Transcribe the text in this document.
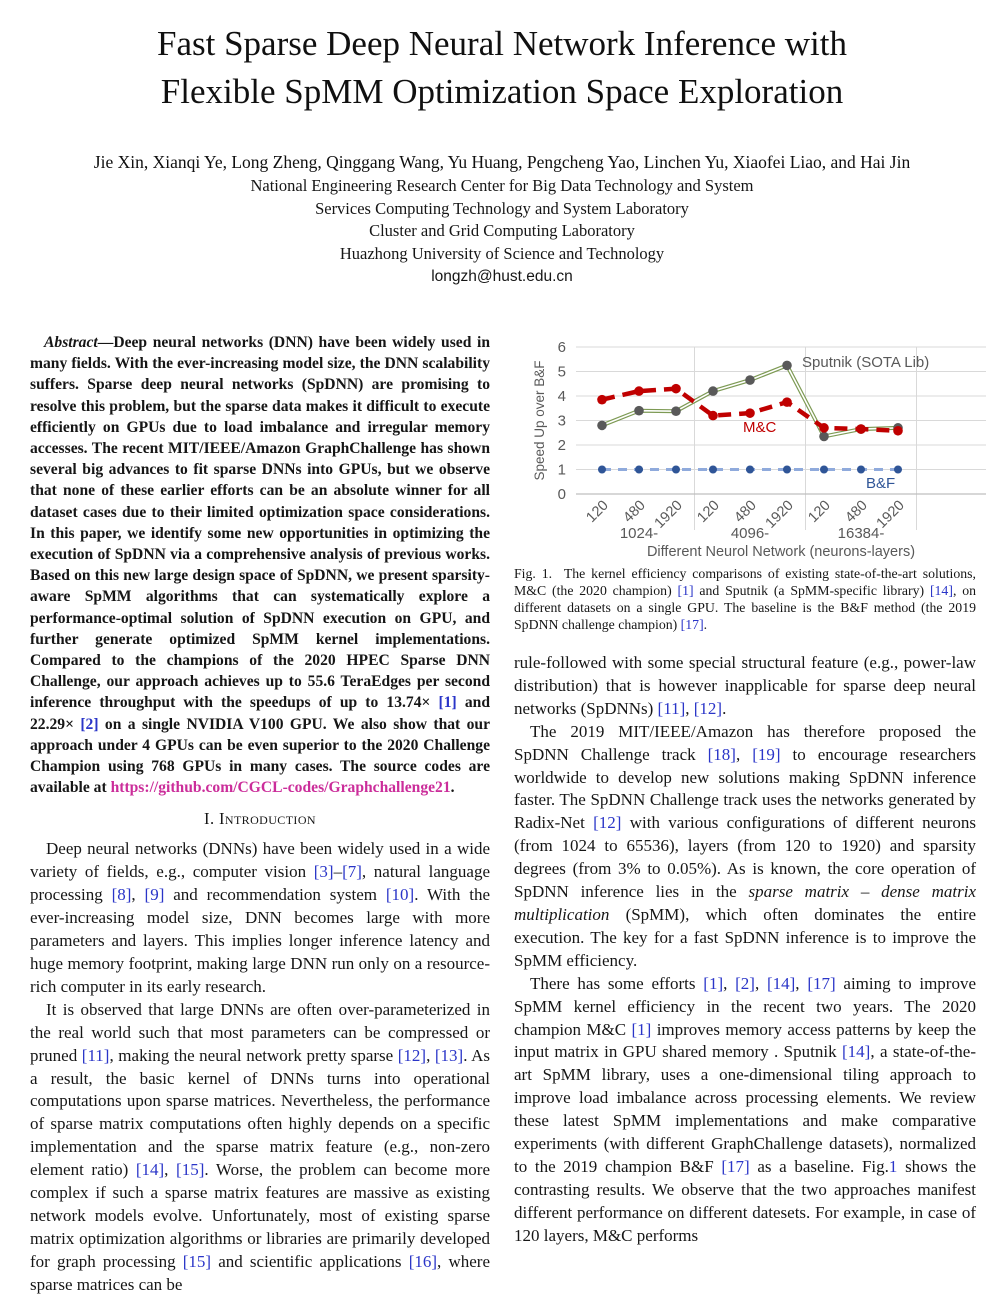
Fast Sparse Deep Neural Network Inference with
Flexible SpMM Optimization Space Exploration
Jie Xin, Xianqi Ye, Long Zheng, Qinggang Wang, Yu Huang, Pengcheng Yao, Linchen Yu, Xiaofei Liao, and Hai Jin
National Engineering Research Center for Big Data Technology and System
Services Computing Technology and System Laboratory
Cluster and Grid Computing Laboratory
Huazhong University of Science and Technology
longzh@hust.edu.cn

Abstract—Deep neural networks (DNN) have been widely used in many fields. With the ever-increasing model size, the DNN scalability suffers. Sparse deep neural networks (SpDNN) are promising to resolve this problem, but the sparse data makes it difficult to execute efficiently on GPUs due to load imbalance and irregular memory accesses. The recent MIT/IEEE/Amazon GraphChallenge has shown several big advances to fit sparse DNNs into GPUs, but we observe that none of these earlier efforts can be an absolute winner for all dataset cases due to their limited optimization space considerations. In this paper, we identify some new opportunities in optimizing the execution of SpDNN via a comprehensive analysis of previous works. Based on this new large design space of SpDNN, we present sparsity-aware SpMM algorithms that can systematically explore a performance-optimal solution of SpDNN execution on GPU, and further generate optimized SpMM kernel implementations. Compared to the champions of the 2020 HPEC Sparse DNN Challenge, our approach achieves up to 55.6 TeraEdges per second inference throughput with the speedups of up to 13.74× [1] and 22.29× [2] on a single NVIDIA V100 GPU. We also show that our approach under 4 GPUs can be even superior to the 2020 Challenge Champion using 768 GPUs in many cases. The source codes are available at https://github.com/CGCL-codes/Graphchallenge21.

I. Introduction

Deep neural networks (DNNs) have been widely used in a wide variety of fields, e.g., computer vision [3]–[7], natural language processing [8], [9] and recommendation system [10]. With the ever-increasing model size, DNN becomes large with more parameters and layers. This implies longer inference latency and huge memory footprint, making large DNN run only on a resource-rich computer in its early research.

It is observed that large DNNs are often over-parameterized in the real world such that most parameters can be compressed or pruned [11], making the neural network pretty sparse [12], [13]. As a result, the basic kernel of DNNs turns into operational computations upon sparse matrices. Nevertheless, the performance of sparse matrix computations often highly depends on a specific implementation and the sparse matrix feature (e.g., non-zero element ratio) [14], [15]. Worse, the problem can become more complex if such a sparse matrix features are massive as existing network models evolve. Unfortunately, most of existing sparse matrix optimization algorithms or libraries are primarily developed for graph processing [15] and scientific applications [16], where sparse matrices can be

0
1
2
3
4
5
6
120 480 1920 120 480 1920 120 480 1920
1024-	4096-	16384-
Different Neurol Network (neurons-layers)
Speed Up over B&F	Sputnik (SOTA Lib)
M&C
B&F
Fig. 1.  The kernel efficiency comparisons of existing state-of-the-art solutions, M&C (the 2020 champion) [1] and Sputnik (a SpMM-specific library) [14], on different datasets on a single GPU. The baseline is the B&F method (the 2019 SpDNN challenge champion) [17].

rule-followed with some special structural feature (e.g., power-law distribution) that is however inapplicable for sparse deep neural networks (SpDNNs) [11], [12].

The 2019 MIT/IEEE/Amazon has therefore proposed the SpDNN Challenge track [18], [19] to encourage researchers worldwide to develop new solutions making SpDNN inference faster. The SpDNN Challenge track uses the networks generated by Radix-Net [12] with various configurations of different neurons (from 1024 to 65536), layers (from 120 to 1920) and sparsity degrees (from 3% to 0.05%). As is known, the core operation of SpDNN inference lies in the sparse matrix – dense matrix multiplication (SpMM), which often dominates the entire execution. The key for a fast SpDNN inference is to improve the SpMM efficiency.

There has some efforts [1], [2], [14], [17] aiming to improve SpMM kernel efficiency in the recent two years. The 2020 champion M&C [1] improves memory access patterns by keep the input matrix in GPU shared memory . Sputnik [14], a state-of-the-art SpMM library, uses a one-dimensional tiling approach to improve load imbalance across processing elements. We review these latest SpMM implementations and make comparative experiments (with different GraphChallenge datasets), normalized to the 2019 champion B&F [17] as a baseline. Fig.1 shows the contrasting results. We observe that the two approaches manifest different performance on different datesets. For example, in case of 120 layers, M&C performs
